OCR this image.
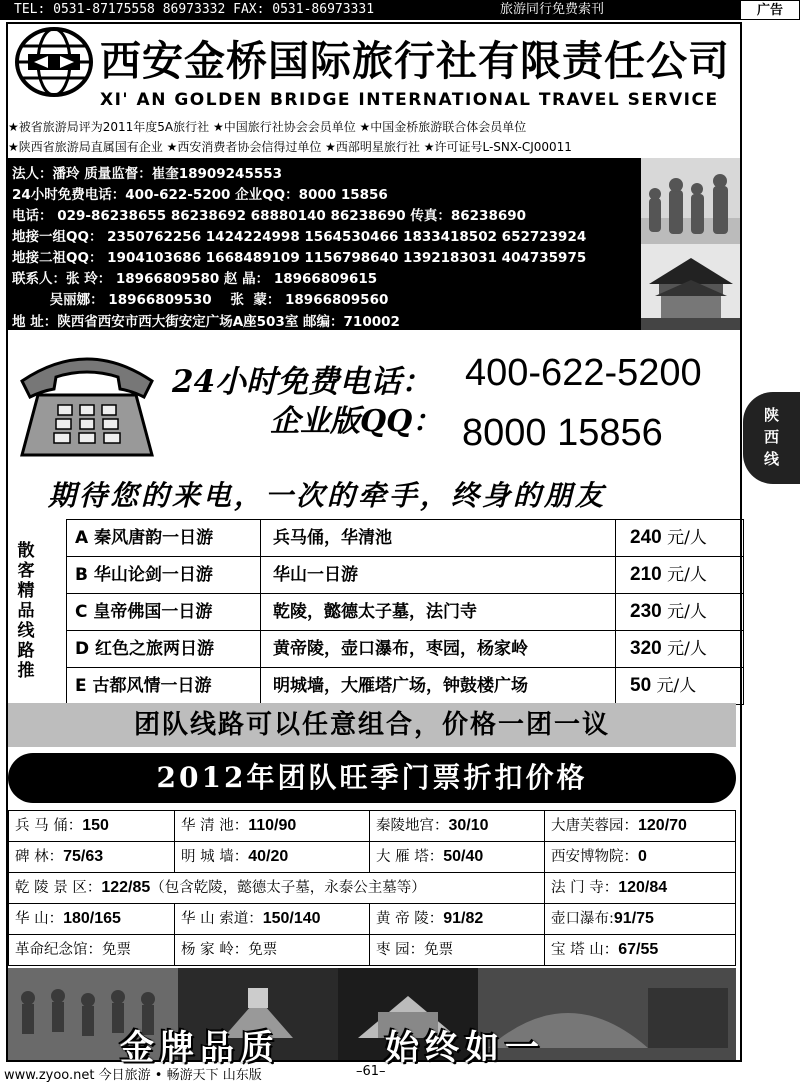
TEL: 0531-87175558 86973332 FAX: 0531-86973331	旅游同行免费索刊	广告
西安金桥国际旅行社有限责任公司
XI' AN GOLDEN BRIDGE INTERNATIONAL TRAVEL SERVICE
★被省旅游局评为2011年度5A旅行社 ★中国旅行社协会会员单位 ★中国金桥旅游联合体会员单位
★陕西省旅游局直属国有企业 ★西安消费者协会信得过单位 ★西部明星旅行社 ★许可证号L-SNX-CJ00011
法人：潘玲 质量监督：崔奎18909245553
24小时免费电话：400-622-5200 企业QQ：8000 15856
电话： 029-86238655 86238692 68880140 86238690 传真：86238690
地接一组QQ： 2350762256 1424224998 1564530466 1833418502 652723924
地接二祖QQ： 1904103686 1668489109 1156798640 1392183031 404735975
联系人：张 玲： 18966809580 赵 晶： 18966809615
吴丽娜： 18966809530    张  蒙： 18966809560
地 址：陕西省西安市西大街安定广场A座503室 邮编：710002
24小时免费电话： 400-622-5200
企业版QQ： 8000 15856
期待您的来电，一次的牵手，终身的朋友
陕
西
线
散客精品线路推
A 秦风唐韵一日游	兵马俑，华清池	240 元/人
B 华山论剑一日游	华山一日游	210 元/人
C 皇帝佛国一日游	乾陵，懿德太子墓，法门寺	230 元/人
D 红色之旅两日游	黄帝陵，壶口瀑布，枣园，杨家岭	320 元/人
E 古都风情一日游	明城墙，大雁塔广场，钟鼓楼广场	50 元/人
团队线路可以任意组合，价格一团一议
2012年团队旺季门票折扣价格
兵 马 俑：150	华 清 池：110/90	秦陵地宫：30/10	大唐芙蓉园：120/70
碑 林：75/63	明 城 墙：40/20	大 雁 塔：50/40	西安博物院：0
乾 陵 景 区：122/85（包含乾陵，懿德太子墓，永泰公主墓等）	法 门 寺：120/84
华 山：180/165	华 山 索道：150/140	黄 帝 陵：91/82	壶口瀑布:91/75
革命纪念馆：免票	杨 家 岭：免票	枣 园：免票	宝 塔 山：67/55
金牌品质	始终如一
www.zyoo.net 今日旅游 • 畅游天下 山东版	–61–
